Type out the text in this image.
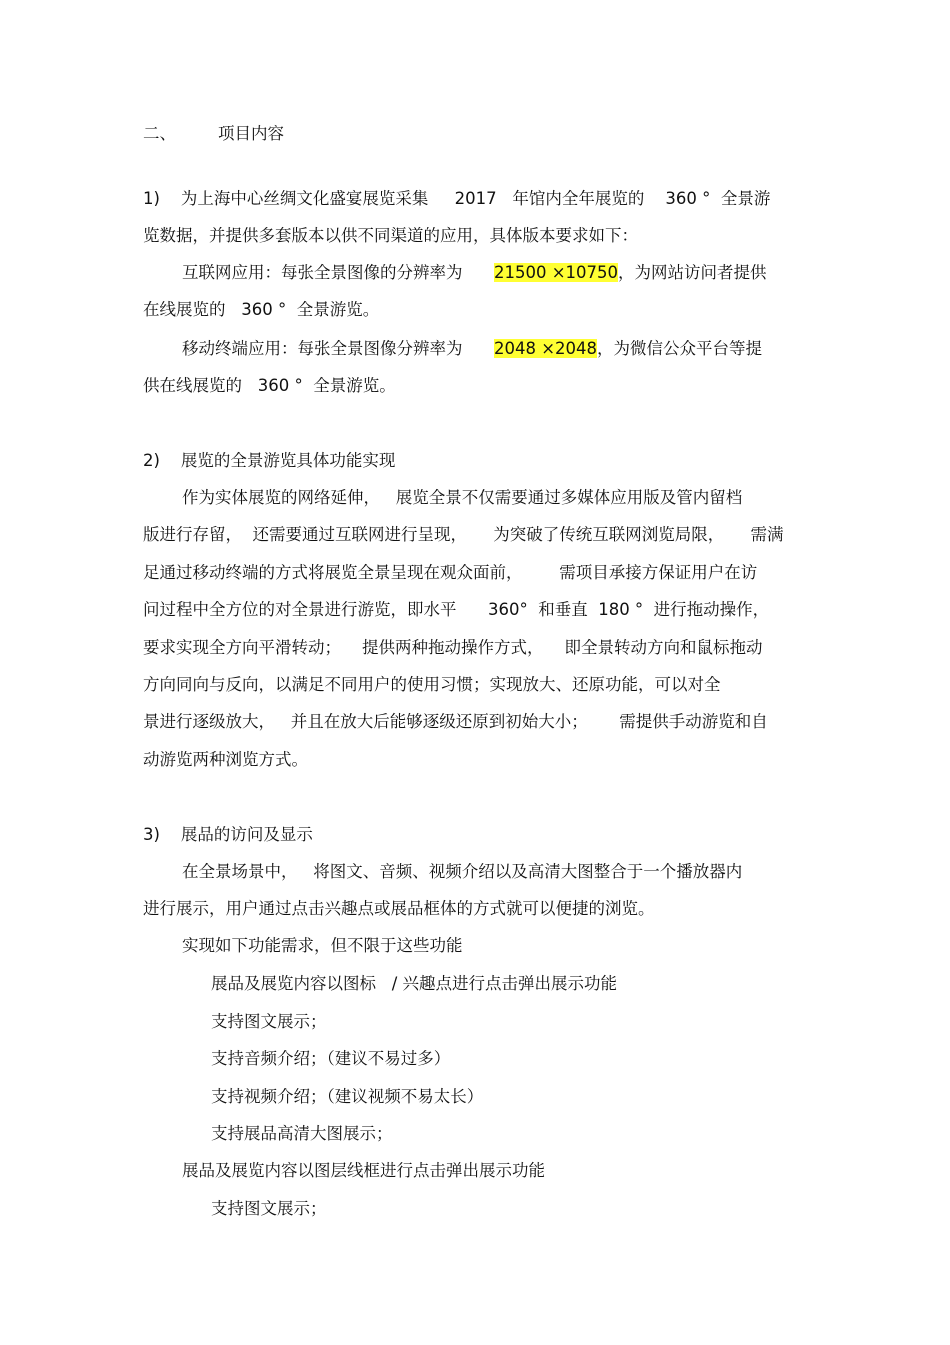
二、        项目内容
1)    为上海中心丝绸文化盛宴展览采集     2017   年馆内全年展览的    360 °  全景游
览数据，并提供多套版本以供不同渠道的应用，具体版本要求如下：
互联网应用：每张全景图像的分辨率为      21500 ×10750，为网站访问者提供
在线展览的   360 °  全景游览。
移动终端应用：每张全景图像分辨率为      2048 ×2048，为微信公众平台等提
供在线展览的   360 °  全景游览。
2)    展览的全景游览具体功能实现
作为实体展览的网络延伸，   展览全景不仅需要通过多媒体应用版及管内留档
版进行存留，  还需要通过互联网进行呈现，     为突破了传统互联网浏览局限，     需满
足通过移动终端的方式将展览全景呈现在观众面前，       需项目承接方保证用户在访
问过程中全方位的对全景进行游览，即水平      360°  和垂直  180 °  进行拖动操作，
要求实现全方向平滑转动；    提供两种拖动操作方式，    即全景转动方向和鼠标拖动
方向同向与反向，以满足不同用户的使用习惯；实现放大、还原功能，可以对全
景进行逐级放大，   并且在放大后能够逐级还原到初始大小；      需提供手动游览和自
动游览两种浏览方式。
3)    展品的访问及显示
在全景场景中，   将图文、音频、视频介绍以及高清大图整合于一个播放器内
进行展示，用户通过点击兴趣点或展品框体的方式就可以便捷的浏览。
实现如下功能需求，但不限于这些功能
展品及展览内容以图标   / 兴趣点进行点击弹出展示功能
支持图文展示；
支持音频介绍；（建议不易过多）
支持视频介绍；（建议视频不易太长）
支持展品高清大图展示；
展品及展览内容以图层线框进行点击弹出展示功能
支持图文展示；
